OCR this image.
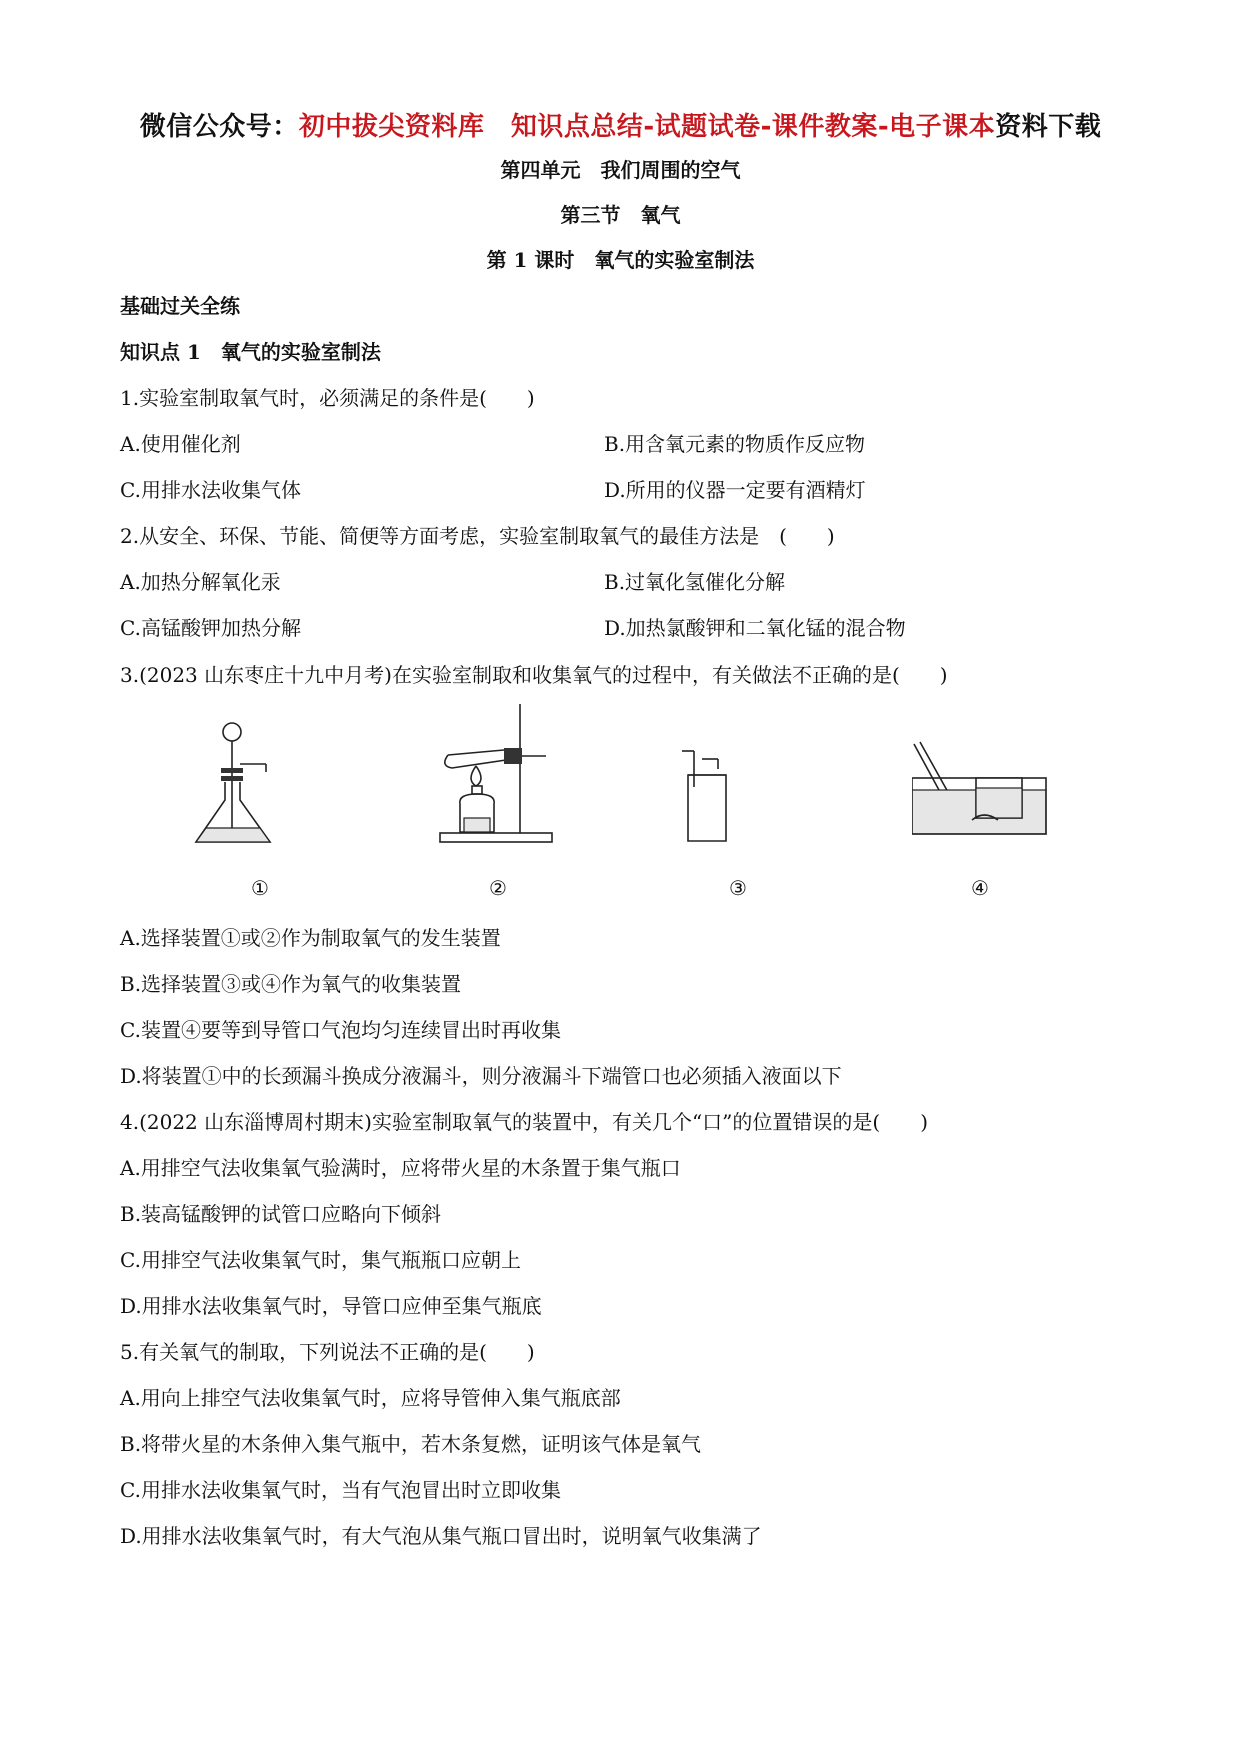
微信公众号：初中拔尖资料库　知识点总结-试题试卷-课件教案-电子课本资料下载
第四单元　我们周围的空气
第三节　氧气
第 1 课时　氧气的实验室制法
基础过关全练
知识点 1　氧气的实验室制法
1.实验室制取氧气时，必须满足的条件是(　　)
A.使用催化剂	B.用含氧元素的物质作反应物
C.用排水法收集气体	D.所用的仪器一定要有酒精灯
2.从安全、环保、节能、简便等方面考虑，实验室制取氧气的最佳方法是　(　　)
A.加热分解氧化汞	B.过氧化氢催化分解
C.高锰酸钾加热分解	D.加热氯酸钾和二氧化锰的混合物
3.(2023 山东枣庄十九中月考)在实验室制取和收集氧气的过程中，有关做法不正确的是(　　)
①	②	③	④
A.选择装置①或②作为制取氧气的发生装置
B.选择装置③或④作为氧气的收集装置
C.装置④要等到导管口气泡均匀连续冒出时再收集
D.将装置①中的长颈漏斗换成分液漏斗，则分液漏斗下端管口也必须插入液面以下
4.(2022 山东淄博周村期末)实验室制取氧气的装置中，有关几个“口”的位置错误的是(　　)
A.用排空气法收集氧气验满时，应将带火星的木条置于集气瓶口
B.装高锰酸钾的试管口应略向下倾斜
C.用排空气法收集氧气时，集气瓶瓶口应朝上
D.用排水法收集氧气时，导管口应伸至集气瓶底
5.有关氧气的制取，下列说法不正确的是(　　)
A.用向上排空气法收集氧气时，应将导管伸入集气瓶底部
B.将带火星的木条伸入集气瓶中，若木条复燃，证明该气体是氧气
C.用排水法收集氧气时，当有气泡冒出时立即收集
D.用排水法收集氧气时，有大气泡从集气瓶口冒出时，说明氧气收集满了
